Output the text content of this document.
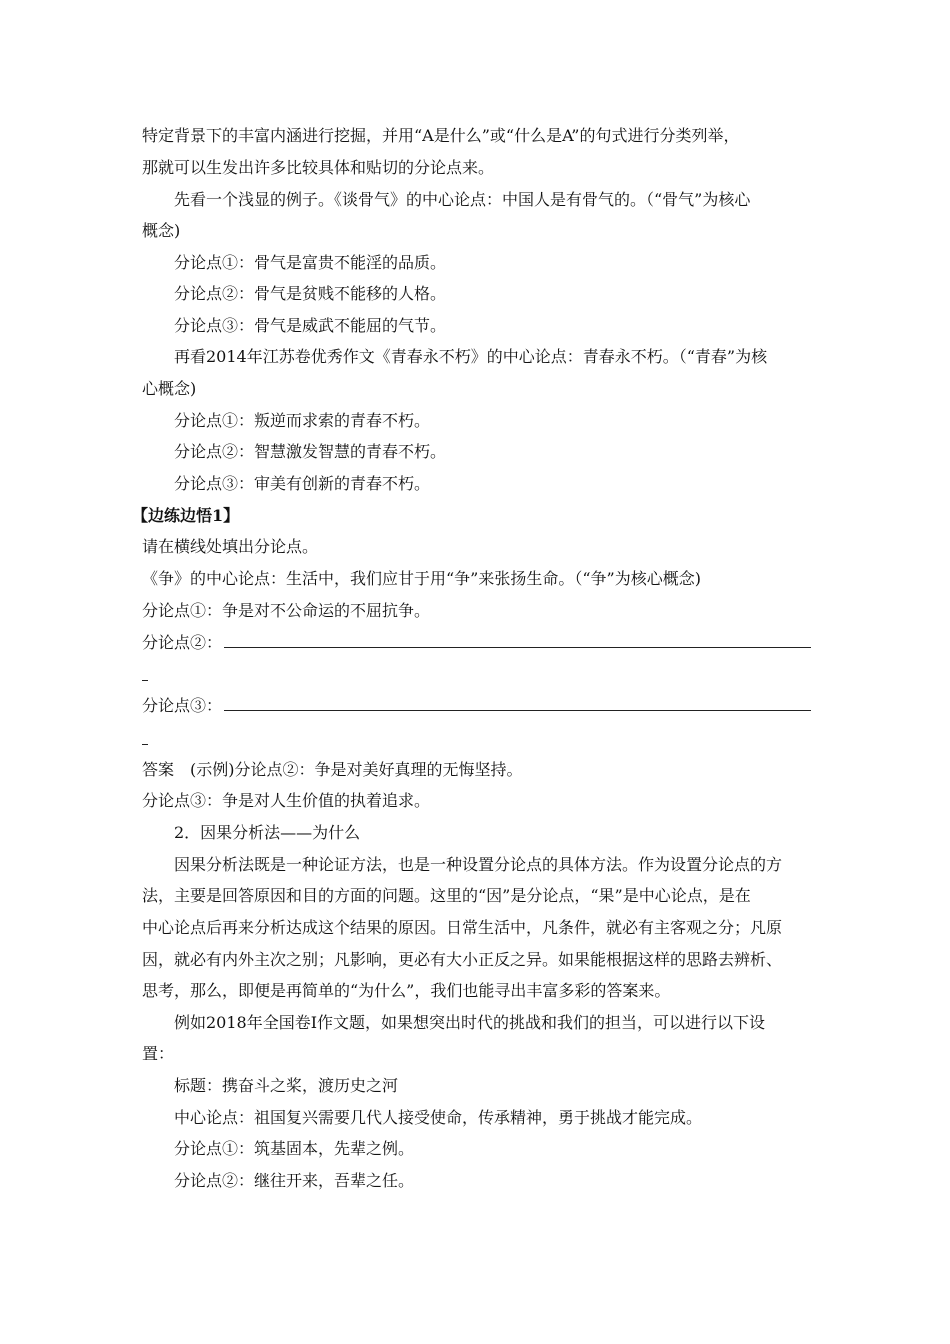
特定背景下的丰富内涵进行挖掘，并用“A是什么”或“什么是A”的句式进行分类列举，
那就可以生发出许多比较具体和贴切的分论点来。
先看一个浅显的例子。《谈骨气》的中心论点：中国人是有骨气的。（“骨气”为核心
概念)
分论点①：骨气是富贵不能淫的品质。
分论点②：骨气是贫贱不能移的人格。
分论点③：骨气是威武不能屈的气节。
再看2014年江苏卷优秀作文《青春永不朽》的中心论点：青春永不朽。（“青春”为核
心概念)
分论点①：叛逆而求索的青春不朽。
分论点②：智慧激发智慧的青春不朽。
分论点③：审美有创新的青春不朽。
【边练边悟1】
请在横线处填出分论点。
《争》的中心论点：生活中，我们应甘于用“争”来张扬生命。（“争”为核心概念)
分论点①：争是对不公命运的不屈抗争。
分论点②：
分论点③：
答案　(示例)分论点②：争是对美好真理的无悔坚持。
分论点③：争是对人生价值的执着追求。
2．因果分析法——为什么
因果分析法既是一种论证方法，也是一种设置分论点的具体方法。作为设置分论点的方
法，主要是回答原因和目的方面的问题。这里的“因”是分论点，“果”是中心论点，是在
中心论点后再来分析达成这个结果的原因。日常生活中，凡条件，就必有主客观之分；凡原
因，就必有内外主次之别；凡影响，更必有大小正反之异。如果能根据这样的思路去辨析、
思考，那么，即便是再简单的“为什么”，我们也能寻出丰富多彩的答案来。
例如2018年全国卷Ⅰ作文题，如果想突出时代的挑战和我们的担当，可以进行以下设
置：
标题：携奋斗之桨，渡历史之河
中心论点：祖国复兴需要几代人接受使命，传承精神，勇于挑战才能完成。
分论点①：筑基固本，先辈之例。
分论点②：继往开来，吾辈之任。
